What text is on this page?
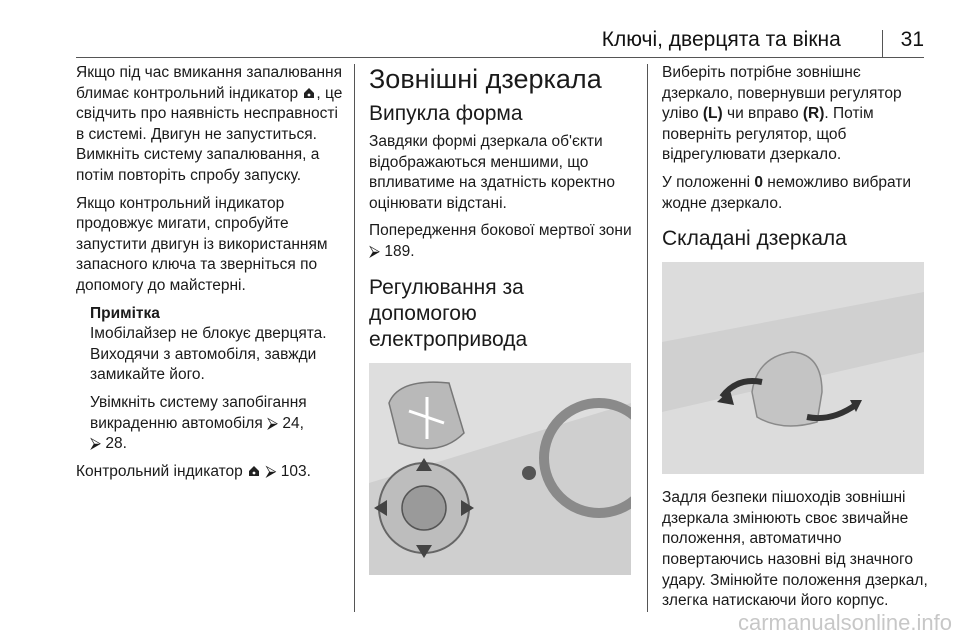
Ключі, дверцята та вікна	31

Якщо під час вмикання запалювання блимає контрольний індикатор , це свідчить про наявність несправності в системі. Двигун не запуститься. Вимкніть систему запалювання, а потім повторіть спробу запуску.

Якщо контрольний індикатор продовжує мигати, спробуйте запустити двигун із використанням запасного ключа та зверніться по допомогу до майстерні.

Примітка

Імобілайзер не блокує дверцята. Виходячи з автомобіля, завжди замикайте його.

Увімкніть систему запобігання викраденню автомобіля ⮚ 24,
⮚ 28.

Контрольний індикатор  ⮚ 103.

Зовнішні дзеркала
Випукла форма

Завдяки формі дзеркала об'єкти відображаються меншими, що впливатиме на здатність коректно оцінювати відстані.

Попередження бокової мертвої зони ⮚ 189.

Регулювання за
допомогою
електропривода

Виберіть потрібне зовнішнє дзеркало, повернувши регулятор уліво (L) чи вправо (R). Потім поверніть регулятор, щоб відрегулювати дзеркало.

У положенні 0 неможливо вибрати жодне дзеркало.

Складані дзеркала

Задля безпеки пішоходів зовнішні дзеркала змінюють своє звичайне положення, автоматично повертаючись назовні від значного удару. Змінюйте положення дзеркал, злегка натискаючи його корпус.

carmanualsonline.info
